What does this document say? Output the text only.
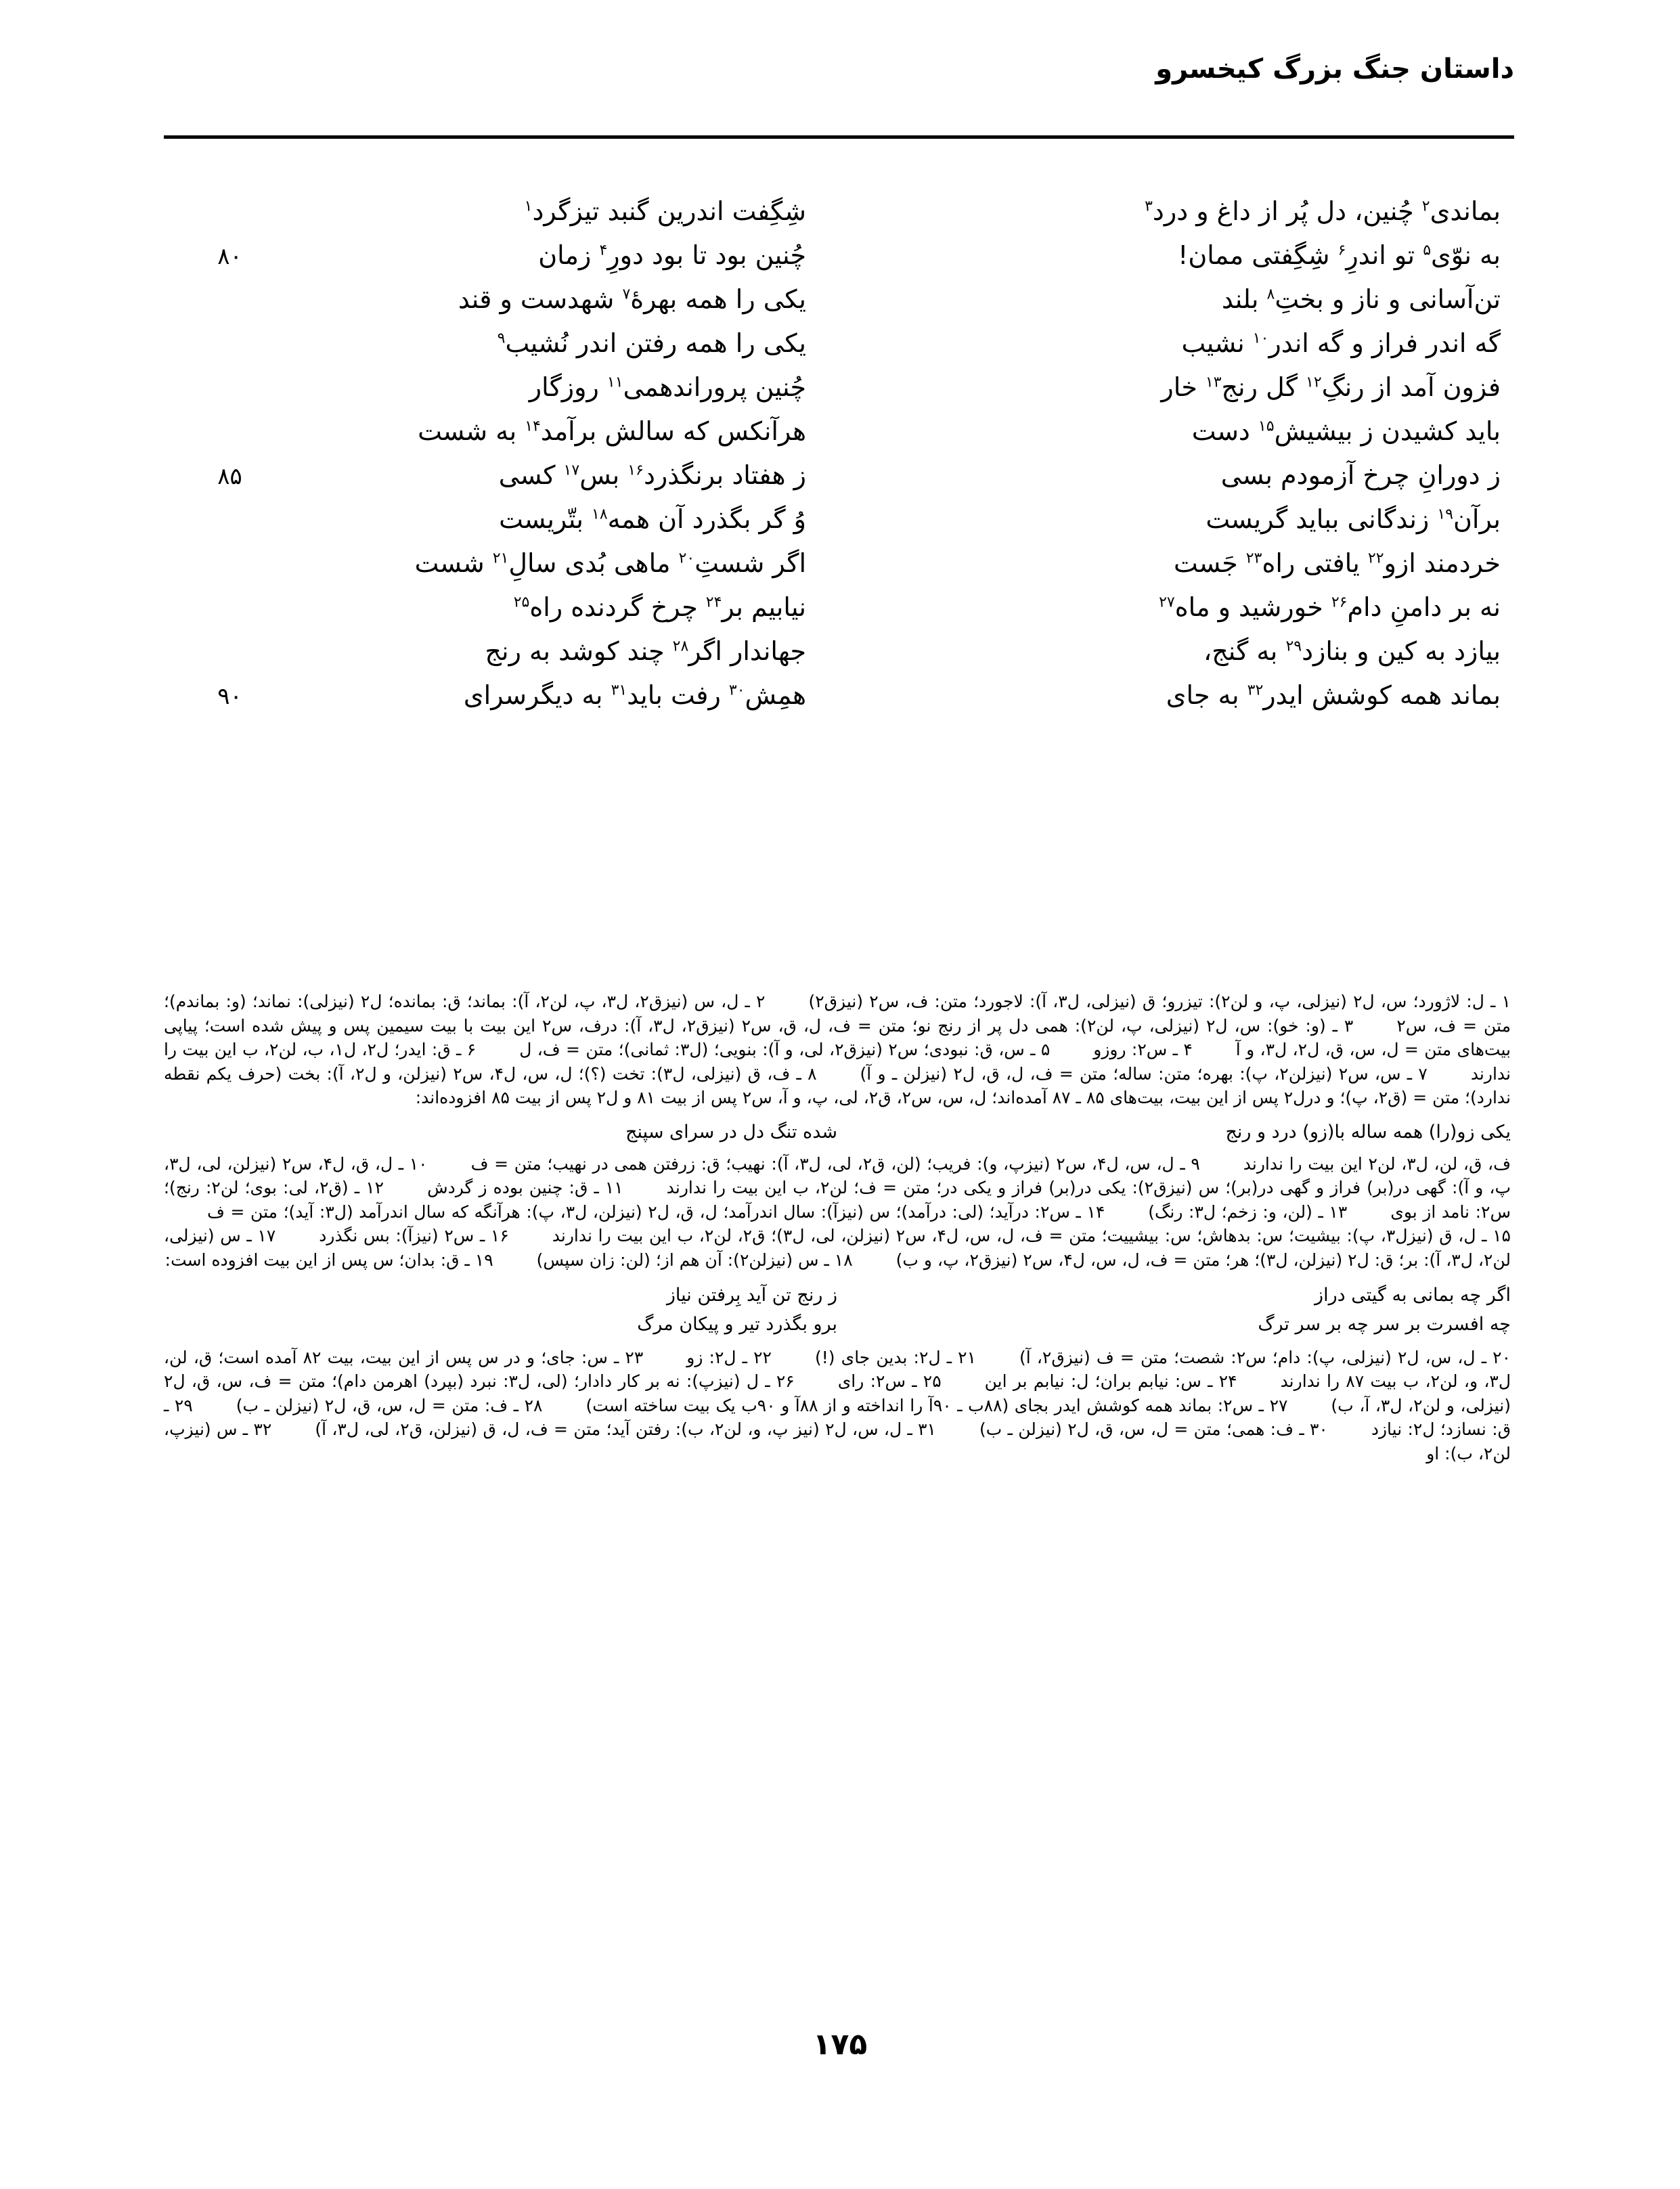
داستان جنگ بزرگ کیخسرو
بماندی$^۲$ چُنین، دل پُر از داغ و درد$^۳$
شِگِفت اندرین گنبد تیزگرد$^۱$
به نوّی$^۵$ تو اندرِ$^۶$ شِگِفتی ممان!
چُنین بود تا بود دورِ$^۴$ زمان
۸۰
تن‌آسانی و ناز و بختِ$^۸$ بلند
یکی را همه بهرهٔ$^۷$ شهدست و قند
گه اندر فراز و گه اندر$^{۱۰}$ نشیب
یکی را همه رفتن اندر نُشیب$^۹$
فزون آمد از رنگِ$^{۱۲}$ گل رنج$^{۱۳}$ خار
چُنین پروراندهمی$^{۱۱}$ روزگار
باید کشیدن ز بیشیش$^{۱۵}$ دست
هرآنکس که سالش برآمد$^{۱۴}$ به شست
ز دورانِ چرخ آزمودم بسی
ز هفتاد برنگذرد$^{۱۶}$ بس$^{۱۷}$ کسی
۸۵
برآن$^{۱۹}$ زندگانی بباید گریست
وُ گر بگذرد آن همه$^{۱۸}$ بتّریست
خردمند ازو$^{۲۲}$ یافتی راه$^{۲۳}$ جَست
اگر شستِ$^{۲۰}$ ماهی بُدی سالِ$^{۲۱}$ شست
نه بر دامنِ دام$^{۲۶}$ خورشید و ماه$^{۲۷}$
نیابیم بر$^{۲۴}$ چرخ گردنده راه$^{۲۵}$
بیازد به کین و بنازد$^{۲۹}$ به گنج،
جهاندار اگر$^{۲۸}$ چند کوشد به رنج
بماند همه کوشش ایدر$^{۳۲}$ به جای
همِش$^{۳۰}$ رفت باید$^{۳۱}$ به دیگرسرای
۹۰
۱ ـ ل: لاژورد؛ س، ل۲ (نیزلی، پ، و لن۲): تیزرو؛ ق (نیزلی، ل۳، آ): لاجورد؛ متن: ف، س۲ (نیزق۲)۲ ـ ل، س (نیزق۲، ل۳، پ، لن۲، آ): بماند؛ ق: بمانده؛ ل۲ (نیزلی): نماند؛ (و: بماندم)؛ متن = ف، س۲۳ ـ (و: خو): س، ل۲ (نیزلی، پ، لن۲): همی دل پر از رنج نو؛ متن = ف، ل، ق، س۲ (نیزق۲، ل۳، آ): درف، س۲ این بیت با بیت سیمین پس و پیش شده است؛ پیاپی بیت‌های متن = ل، س، ق، ل۲، ل۳، و آ۴ ـ س۲: روزو۵ ـ س، ق: نبودی؛ س۲ (نیزق۲، لی، و آ): بنویی؛ (ل۳: ثمانی)؛ متن = ف، ل۶ ـ ق: ایدر؛ ل۲، ل۱، ب، لن۲، ب این بیت را ندارند۷ ـ س، س۲ (نیزلن۲، پ): بهره؛ متن: ساله؛ متن = ف، ل، ق، ل۲ (نیزلن ـ و آ)۸ ـ ف، ق (نیزلی، ل۳): تخت (؟)؛ ل، س، ل۴، س۲ (نیزلن، و ل۲، آ): بخت (حرف یکم نقطه ندارد)؛ متن = (ق۲، پ)؛ و درل۲ پس از این بیت، بیت‌های ۸۵ ـ ۸۷ آمده‌اند؛ ل، س، س۲، ق۲، لی، پ، و آ، س۲ پس از بیت ۸۱ و ل۲ پس از بیت ۸۵ افزوده‌اند:
یکی زو(را) همه ساله با(زو) درد و رنج
شده تنگ دل در سرای سپنج
ف، ق، لن، ل۳، لن۲ این بیت را ندارند۹ ـ ل، س، ل۴، س۲ (نیزپ، و): فریب؛ (لن، ق۲، لی، ل۳، آ): نهیب؛ ق: زرفتن همی در نهیب؛ متن = ف۱۰ ـ ل، ق، ل۴، س۲ (نیزلن، لی، ل۳، پ، و آ): گهی در(بر) فراز و گهی در(بر)؛ س (نیزق۲): یکی در(بر) فراز و یکی در؛ متن = ف؛ لن۲، ب این بیت را ندارند۱۱ ـ ق: چنین بوده ز گردش۱۲ ـ (ق۲، لی: بوی؛ لن۲: رنج)؛ س۲: نامد از بوی۱۳ ـ (لن، و: زخم؛ ل۳: رنگ)۱۴ ـ س۲: درآید؛ (لی: درآمد)؛ س (نیزآ): سال اندرآمد؛ ل، ق، ل۲ (نیزلن، ل۳، پ): هرآنگه که سال اندرآمد (ل۳: آید)؛ متن = ف۱۵ ـ ل، ق (نیزل۳، پ): بیشیت؛ س: بدهاش؛ س: بیشییت؛ متن = ف، ل، س، ل۴، س۲ (نیزلن، لی، ل۳)؛ ق۲، لن۲، ب این بیت را ندارند۱۶ ـ س۲ (نیزآ): بس نگذرد۱۷ ـ س (نیزلی، لن۲، ل۳، آ): بر؛ ق: ل۲ (نیزلن، ل۳)؛ هر؛ متن = ف، ل، س، ل۴، س۲ (نیزق۲، پ، و ب)۱۸ ـ س (نیزلن۲): آن هم از؛ (لن: زان سپس)۱۹ ـ ق: بدان؛ س پس از این بیت افزوده است:
اگر چه بمانی به گیتی دراز
ز رنج تن آید بِرفتن نیاز
چه افسرت بر سر چه بر سر ترگ
برو بگذرد تیر و پیکان مرگ
۲۰ ـ ل، س، ل۲ (نیزلی، پ): دام؛ س۲: شصت؛ متن = ف (نیزق۲، آ)۲۱ ـ ل۲: بدین جای (!)۲۲ ـ ل۲: زو۲۳ ـ س: جای؛ و در س پس از این بیت، بیت ۸۲ آمده است؛ ق، لن، ل۳، و، لن۲، ب بیت ۸۷ را ندارند۲۴ ـ س: نیابم بران؛ ل: نیابم بر این۲۵ ـ س۲: رای۲۶ ـ ل (نیزپ): نه بر کار دادار؛ (لی، ل۳: نبرد (بپرد) اهرمن دام)؛ متن = ف، س، ق، ل۲ (نیزلی، و لن۲، ل۳، آ، ب)۲۷ ـ س۲: بماند همه کوشش ایدر بجای (۸۸ب ـ ۹۰آ را انداخته و از ۸۸آ و ۹۰ب یک بیت ساخته است)۲۸ ـ ف: متن = ل، س، ق، ل۲ (نیزلن ـ ب)۲۹ ـ ق: نسازد؛ ل۲: نیازد۳۰ ـ ف: همی؛ متن = ل، س، ق، ل۲ (نیزلن ـ ب)۳۱ ـ ل، س، ل۲ (نیز پ، و، لن۲، ب): رفتن آید؛ متن = ف، ل، ق (نیزلن، ق۲، لی، ل۳، آ)۳۲ ـ س (نیزپ، لن۲، ب): او
۱۷۵
